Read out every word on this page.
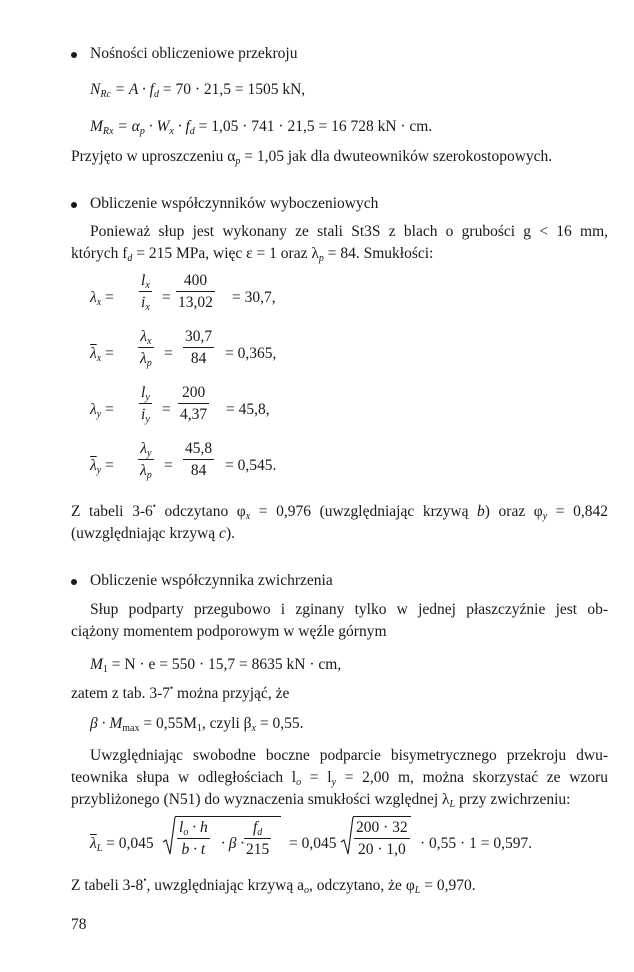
Nośności obliczeniowe przekroju
$N_{Rc} = A \cdot f_d = 70 \cdot 21,5 = 1505$ kN,
$M_{Rx} = \alpha_p \cdot W_x \cdot f_d = 1,05 \cdot 741 \cdot 21,5 = 16$ 728 kN · cm.
Przyjęto w uproszczeniu $\alpha_p = 1,05$ jak dla dwuteowników szerokostopowych.
Obliczenie współczynników wyboczeniowych
Ponieważ słup jest wykonany ze stali St3S z blach o grubości g < 16 mm,
których $f_d = 215$ MPa, więc ε = 1 oraz $\lambda_p = 84$. Smukłości:
$\lambda_x = \frac{l_x}{i_x} = \frac{400}{13,02} = 30,7$,
$\overline{\lambda}_x = \frac{\lambda_x}{\lambda_p} = \frac{30,7}{84} = 0,365$,
$\lambda_y = \frac{l_y}{i_y} = \frac{200}{4,37} = 45,8$,
$\overline{\lambda}_y = \frac{\lambda_y}{\lambda_p} = \frac{45,8}{84} = 0,545$.
Z tabeli 3-6• odczytano $\varphi_x = 0,976$ (uwzględniając krzywą b) oraz $\varphi_y = 0,842$
(uwzględniając krzywą c).
Obliczenie współczynnika zwichrzenia
Słup podparty przegubowo i zginany tylko w jednej płaszczyźnie jest ob-
ciążony momentem podporowym w węźle górnym
$M_1 = N \cdot e = 550 \cdot 15,7 = 8635$ kN · cm,
zatem z tab. 3-7• można przyjąć, że
$\beta \cdot M_{max} = 0,55M_1$, czyli $\beta_x = 0,55$.
Uwzględniając swobodne boczne podparcie bisymetrycznego przekroju dwu-
teownika słupa w odległościach $l_o = l_y = 2,00$ m, można skorzystać ze wzoru
przybliżonego (N51) do wyznaczenia smukłości względnej $\lambda_L$ przy zwichrzeniu:
$\overline{\lambda}_L = 0,045 \frac{l_o \cdot h}{b \cdot t} \cdot \beta \cdot \frac{f_d}{215} = 0,045 \frac{200 \cdot 32}{20 \cdot 1,0} \cdot 0,55 \cdot 1 = 0,597$.
Z tabeli 3-8•, uwzględniając krzywą $a_o$, odczytano, że $\varphi_L = 0,970$.
78
